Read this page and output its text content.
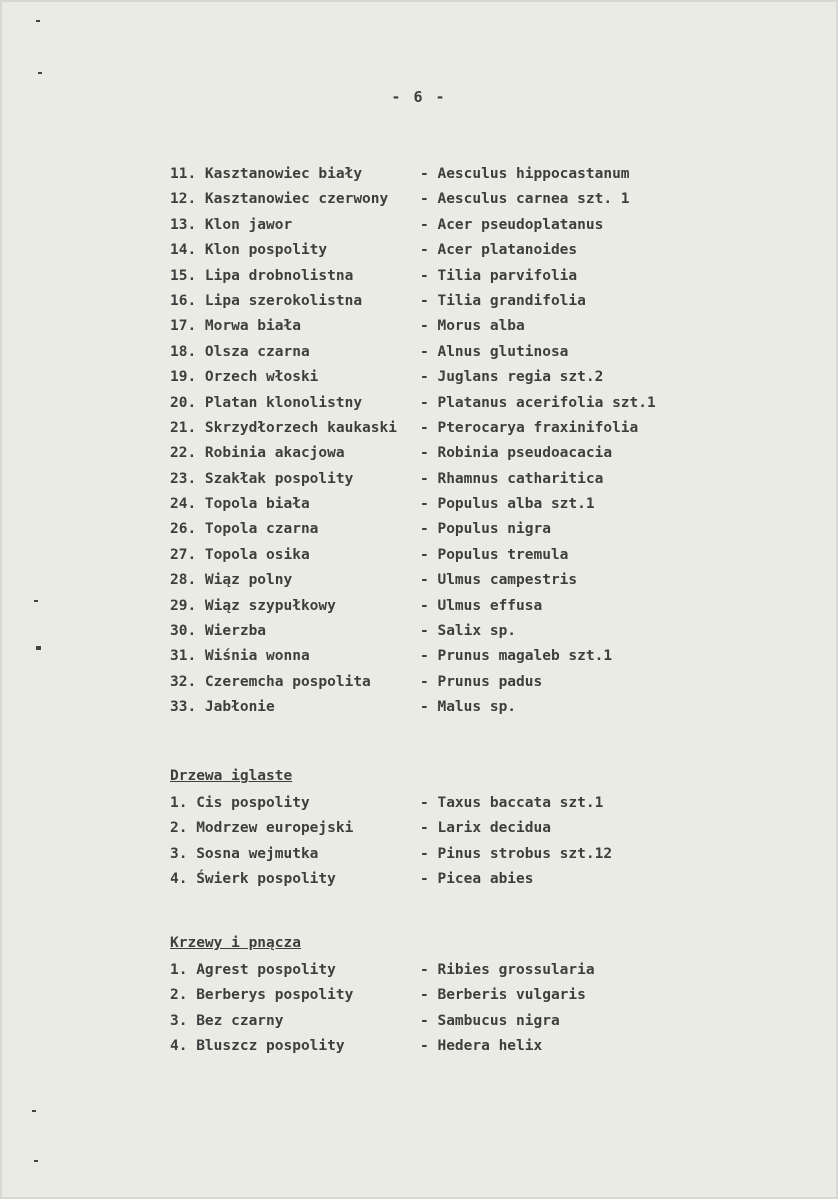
- 6 -
11. Kasztanowiec biały	- Aesculus hippocastanum
12. Kasztanowiec czerwony - Aesculus carnea szt. 1
13. Klon jawor	- Acer pseudoplatanus
14. Klon pospolity	- Acer platanoides
15. Lipa drobnolistna	- Tilia parvifolia
16. Lipa szerokolistna	- Tilia grandifolia
17. Morwa biała	- Morus alba
18. Olsza czarna	- Alnus glutinosa
19. Orzech włoski	- Juglans regia szt.2
20. Platan klonolistny	- Platanus acerifolia szt.1
21. Skrzydłorzech kaukaski - Pterocarya fraxinifolia
22. Robinia akacjowa	- Robinia pseudoacacia
23. Szakłak pospolity	- Rhamnus catharitica
24. Topola biała	- Populus alba szt.1
26. Topola czarna	- Populus nigra
27. Topola osika	- Populus tremula
28. Wiąz polny	- Ulmus campestris
29. Wiąz szypułkowy	- Ulmus effusa
30. Wierzba	- Salix sp.
31. Wiśnia wonna	- Prunus magaleb szt.1
32. Czeremcha pospolita	- Prunus padus
33. Jabłonie	- Malus sp.
Drzewa iglaste
1. Cis pospolity	- Taxus baccata szt.1
2. Modrzew europejski	- Larix decidua
3. Sosna wejmutka	- Pinus strobus szt.12
4. Świerk pospolity	- Picea abies
Krzewy i pnącza
1. Agrest pospolity	- Ribies grossularia
2. Berberys pospolity	- Berberis vulgaris
3. Bez czarny	- Sambucus nigra
4. Bluszcz pospolity	- Hedera helix
